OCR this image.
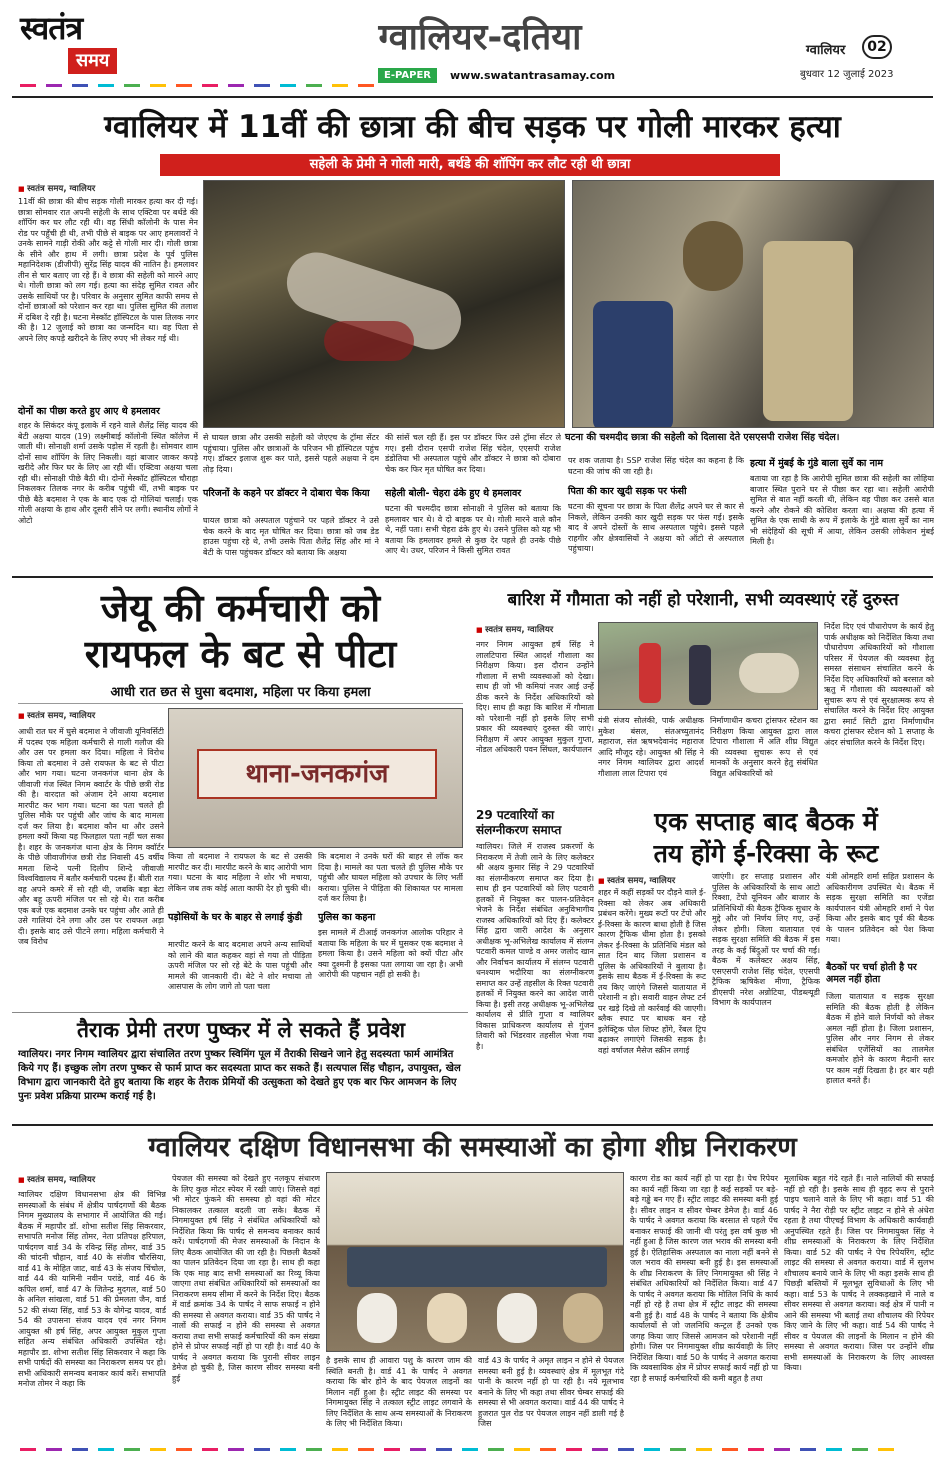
स्वतंत्र
समय
ग्वालियर-दतिया
E-PAPER	www.swatantrasamay.com
ग्वालियर	02
बुधवार 12 जुलाई 2023
ग्वालियर में 11वीं की छात्रा की बीच सड़क पर गोली मारकर हत्या
सहेली के प्रेमी ने गोली मारी, बर्थडे की शॉपिंग कर लौट रही थी छात्रा
■ स्वतंत्र समय, ग्वालियर
11वीं की छात्रा की बीच सड़क गोली मारकर हत्या कर दी गई। छात्रा सोमवार रात अपनी सहेली के साथ एक्टिवा पर बर्थडे की शॉपिंग कर घर लौट रही थी। वह सिंधी कॉलोनी के पास मेन रोड पर पहुँची ही थी, तभी पीछे से बाइक पर आए हमलावरों ने उनके सामने गाड़ी रोकी और कट्टे से गोली मार दी। गोली छात्रा के सीने और हाथ में लगी। छात्रा प्रदेश के पूर्व पुलिस महानिदेशक (डीजीपी) सुरेंद्र सिंह यादव की नातिन है। हमलावर तीन से चार बताए जा रहे हैं। वे छात्रा की सहेली को मारने आए थे। गोली छात्रा को लग गई। हत्या का संदेह सुमित रावत और उसके साथियों पर है। परिवार के अनुसार सुमित काफी समय से दोनों छात्राओं को परेशान कर रहा था। पुलिस सुमित की तलाश में दबिश दे रही है। घटना मेस्कॉट हॉस्पिटल के पास तिलक नगर की है। 12 जुलाई को छात्रा का जन्मदिन था। वह पिता से अपने लिए कपड़े खरीदने के लिए रुपए भी लेकर गई थी।
घटना की चश्मदीद छात्रा की सहेली को दिलासा देते एसएसपी राजेश सिंह चंदेल।
दोनों का पीछा करते हुए आए थे हमलावर
शहर के सिकंदर कंपू इलाके में रहने वाले शैलेंद्र सिंह यादव की बेटी अक्षया यादव (19) लक्ष्मीबाई कॉलोनी स्थित कॉलेज में जाती थी। सोनाक्षी शर्मा उसके पड़ोस में रहती है। सोमवार शाम दोनों साथ शॉपिंग के लिए निकली। वहां बाजार जाकर कपड़े खरीदे और फिर घर के लिए आ रही थीं। एक्टिवा अक्षया चला रही थी। सोनाक्षी पीछे बैठी थी। दोनों मेस्कॉट हॉस्पिटल चौराहा निकलकर तिलक नगर के करीब पहुंची थीं, तभी बाइक पर पीछे बैठे बदमाश ने एक के बाद एक दो गोलियां चलाईं। एक गोली अक्षया के हाथ और दूसरी सीने पर लगी। स्थानीय लोगों ने ओटो
से घायल छात्रा और उसकी सहेली को जेएएच के ट्रॉमा सेंटर पहुंचाया। पुलिस और छात्राओं के परिजन भी हॉस्पिटल पहुंच गए। डॉक्टर इलाज शुरू कर पाते, इससे पहले अक्षया ने दम तोड़ दिया।
परिजनों के कहने पर डॉक्टर ने दोबारा चेक किया
घायल छात्रा को अस्पताल पहुंचाने पर पहले डॉक्टर ने उसे चेक करने के बाद मृत घोषित कर दिया। छात्रा को जब डेड हाउस पहुंचा रहे थे, तभी उसके पिता शैलेंद्र सिंह और मां ने बेटी के पास पहुंचकर डॉक्टर को बताया कि अक्षया
की सांसें चल रही हैं। इस पर डॉक्टर फिर उसे ट्रॉमा सेंटर ले गए। इसी दौरान एसपी राजेश सिंह चंदेल, एएसपी राजेश डंडोतिया भी अस्पताल पहुंचे और डॉक्टर ने छात्रा को दोबारा चेक कर फिर मृत घोषित कर दिया।
सहेली बोली- चेहरा ढंके हुए थे हमलावर
घटना की चश्मदीद छात्रा सोनाक्षी ने पुलिस को बताया कि हमलावर चार थे। वे दो बाइक पर थे। गोली मारने वाले कौन थे, नहीं पता। सभी चेहरा ढंके हुए थे। उसने पुलिस को यह भी बताया कि हमलावर हमले से कुछ देर पहले ही उनके पीछे आए थे। उधर, परिजन ने किसी सुमित रावत
पर शक जताया है। SSP राजेश सिंह चंदेल का कहना है कि घटना की जांच की जा रही है।
पिता की कार खुदी सड़क पर फंसी
घटना की सूचना पर छात्रा के पिता शैलेंद्र अपने घर से कार से निकले, लेकिन उनकी कार खुदी सड़क पर फंस गई। इसके बाद वे अपने दोस्तों के साथ अस्पताल पहुंचे। इससे पहले राहगीर और क्षेत्रवासियों ने अक्षया को ऑटो से अस्पताल पहुंचाया।
हत्या में मुंबई के गुंडे बाला सुर्वे का नाम
बताया जा रहा है कि आरोपी सुमित छात्रा की सहेली का लोहिया बाजार स्थित पुराने घर से पीछा कर रहा था। सहेली आरोपी सुमित से बात नहीं करती थी, लेकिन वह पीछा कर उससे बात करने और रोकने की कोशिश करता था। अक्षया की हत्या में सुमित के एक साथी के रूप में इलाके के गुंडे बाला सुर्वे का नाम भी संदेहियों की सूची में आया, लेकिन उसकी लोकेशन मुंबई मिली है।
जेयू की कर्मचारी को
रायफल के बट से पीटा
आधी रात छत से घुसा बदमाश, महिला पर किया हमला
■ स्वतंत्र समय, ग्वालियर
आधी रात घर में घुसे बदमाश ने जीवाजी यूनिवर्सिटी में पदस्थ एक महिला कर्मचारी से गाली गलौज की और उस पर हमला कर दिया। महिला ने विरोध किया तो बदमाश ने उसे रायफल के बट से पीटा और भाग गया। घटना जनकगंज थाना क्षेत्र के जीवाजी गंज स्थित निगम क्वार्टर के पीछे छत्री रोड की है। वारदात को अंजाम देने आया बदमाश मारपीट कर भाग गया। घटना का पता चलते ही पुलिस मौके पर पहुंची और जांच के बाद मामला दर्ज कर लिया है। बदमाश कौन था और उसने हमला क्यों किया यह फिलहाल पता नहीं चल सका है। शहर के जनकगंज थाना क्षेत्र के निगम क्वॉर्टर के पीछे जीवाजीगंज छत्री रोड निवासी 45 वर्षीय ममता शिन्दे पत्नी दिलीप शिन्दे जीवाजी विश्वविद्यालय में बतौर कर्मचारी पदस्थ हैं। बीती रात वह अपने कमरे में सो रही थी, जबकि बड़ा बेटा और बहू ऊपरी मंजिल पर सो रहे थे। रात करीब एक बजे एक बदमाश उनके घर पहुंचा और आते ही उसे गालियां देने लगा और उस पर रायफल अड़ा दी। इसके बाद उसे पीटने लगा। महिला कर्मचारी ने जब विरोध
थाना-जनकगंज
किया तो बदमाश ने रायफल के बट से उसकी मारपीट कर दी। मारपीट करने के बाद आरोपी भाग गया। घटना के बाद महिला ने शोर भी मचाया, लेकिन जब तक कोई आता काफी देर हो चुकी थी।
पड़ोसियों के घर के बाहर से लगाई कुंडी
मारपीट करने के बाद बदमाश अपने अन्य साथियों को लाने की बात कहकर वहां से गया तो पीड़िता ऊपरी मंजिल पर सो रहे बेटे के पास पहुंची और मामले की जानकारी दी। बेटे ने शोर मचाया तो आसपास के लोग जागे तो पता चला
कि बदमाश ने उनके घरों की बाहर से लॉक कर दिया है। मामले का पता चलते ही पुलिस मौके पर पहुंची और घायल महिला को उपचार के लिए भर्ती कराया। पुलिस ने पीड़िता की शिकायत पर मामला दर्ज कर लिया है।
पुलिस का कहना
इस मामले में टीआई जनकगंज आलोक परिहार ने बताया कि महिला के घर में घुसकर एक बदमाश ने हमला किया है। उसने महिला को क्यों पीटा और क्या दुश्मनी है इसका पता लगाया जा रहा है। अभी आरोपी की पहचान नहीं हो सकी है।
बारिश में गौमाता को नहीं हो परेशानी, सभी व्यवस्थाएं रहें दुरुस्त
■ स्वतंत्र समय, ग्वालियर
नगर निगम आयुक्त हर्ष सिंह ने लालटिपारा स्थित आदर्श गौशाला का निरीक्षण किया। इस दौरान उन्होंने गौशाला में सभी व्यवस्थाओं को देखा। साथ ही जो भी कमियां नजर आई उन्हें ठीक करने के निर्देश अधिकारियों को दिए। साथ ही कहा कि बारिश में गौमाता को परेशानी नहीं हो इसके लिए सभी प्रकार की व्यवस्थाएं दुरुस्त की जाएं। निरीक्षण में अपर आयुक्त मुकुल गुप्ता, नोडल अधिकारी पवन सिंघल, कार्यपालन
यंत्री संजय सोलंकी, पार्क अधीक्षक मुकेश बंसल, संतअच्युतानंद महाराज, संत ऋषभदेवानंद महाराज आदि मौजूद रहे। आयुक्त श्री सिंह ने नगर निगम ग्वालियर द्वारा आदर्श गौशाला लाल टिपारा एवं
निर्माणाधीन कचरा ट्रांसफर स्टेशन का निरीक्षण किया आयुक्त द्वारा लाल टिपारा गौशाला में अति शीघ्र विद्युत की व्यवस्था सुचारू रूप से एवं मानकों के अनुसार करने हेतु संबंधित विद्युत अधिकारियों को
निर्देश दिए एवं पौधारोपण के कार्य हेतु पार्क अधीक्षक को निर्देशित किया तथा पौधारोपण अधिकारियों को गौशाला परिसर में पेयजल की व्यवस्था हेतु समस्त संसाधन संचालित करने के निर्देश दिए अधिकारियों को बरसात को ऋतु में गौशाला की व्यवस्थाओं को सुचारू रूप से एवं सुरक्षात्मक रूप से संचालित करने के निर्देश दिए आयुक्त द्वारा स्मार्ट सिटी द्वारा निर्माणाधीन कचरा ट्रांसफर स्टेशन को 1 सप्ताह के अंदर संचालित करने के निर्देश दिए।
29 पटवारियों का
संलग्नीकरण समाप्त
ग्वालियर। जिले में राजस्व प्रकरणों के निराकरण में तेजी लाने के लिए कलेक्टर श्री अक्षय कुमार सिंह ने 29 पटवारियों का संलग्नीकरण समाप्त कर दिया है। साथ ही इन पटवारियों को लिए पटवारी हलकों में नियुक्त कर पालन-प्रतिवेदन भेजने के निर्देश संबंधित अनुविभागीय राजस्व अधिकारियों को दिए हैं। कलेक्टर सिंह द्वारा जारी आदेश के अनुसार अधीक्षक भू-अभिलेख कार्यालय में संलग्न पटवारी कमल पाण्डे व अमर जलोद खान और निर्वाचन कार्यालय में संलग्न पटवारी धनश्याम भदौरिया का संलग्नीकरण समाप्त कर उन्हें तहसील के रिक्त पटवारी हलकों में नियुक्त करने का आदेश जारी किया है। इसी तरह अधीक्षक भू-अभिलेख कार्यालय से प्रीति गुप्ता व ग्वालियर विकास प्राधिकरण कार्यालय से गुंजन तिवारी को भिंडरवार तहसील भेजा गया है।
एक सप्ताह बाद बैठक में
तय होंगे ई-रिक्सा के रूट
■ स्वतंत्र समय, ग्वालियर
शहर में कहीं सड़कों पर दौड़ने वाले ई-रिक्सा को लेकर अब अधिकारी प्रबंधन करेंगे। मुख्य रूटों पर टेंपो और ई-रिक्सा के कारण बाधा होती है जिस कारण ट्रैफिक धीमा होता है। इसको लेकर ई-रिक्सा के प्रतिनिधि मंडल को सात दिन बाद जिला प्रशासन व पुलिस के अधिकारियों ने बुलाया है। इसके साथ बैठक में ई-रिक्सा के रूट तय किए जाएंगे जिससे यातायात में परेशानी न हो। सवारी वाहन लेफ्ट टर्न पर खड़े दिखे तो कार्रवाई की जाएगी। ब्लैक स्पाट पर बाधक बन रहे इलेक्ट्रिक पोल शिफ्ट होंगे, रेंबल ट्रिप बढ़ाकर लगाएंगे जिसकी सड़क है। वहां वर्षाजल मैसेज स्क्रीन लगाई
जाएंगी। हर सप्ताह प्रशासन और पुलिस के अधिकारियों के साथ आटो रिक्शा, टेंपो यूनियन और बाजार के प्रतिनिधियों की बैठक ट्रैफिक सुधार के मुद्दे और जो निर्णय लिए गए, उन्हें लेकर होगी। जिला यातायात एवं सड़क सुरक्षा समिति की बैठक में इस तरह के कई बिंदुओं पर चर्चा की गई। बैठक में कलेक्टर अक्षय सिंह, एसएसपी राजेश सिंह चंदेल, एएसपी ट्रैफिक ऋषिकेश मीणा, ट्रैफिक डीएसपी नरेश अन्नोटिया, पीडब्ल्यूडी विभाग के कार्यपालन
यंत्री ओमहरि शर्मा सहित प्रशासन के अधिकारीगण उपस्थित थे। बैठक में सड़क सुरक्षा समिति का एजेंडा कार्यपालन यंत्री ओमहरि शर्मा ने पेश किया और इसके बाद पूर्व की बैठक के पालन प्रतिवेदन को पेश किया गया।
बैठकों पर चर्चा होती है पर अमल नहीं होता
जिला यातायात व सड़क सुरक्षा समिति की बैठक होती है लेकिन बैठक में होने वाले निर्णयों को लेकर अमल नहीं होता है। जिला प्रशासन, पुलिस और नगर निगम से लेकर संबंधित एजेंसियों का तालमेल कमजोर होने के कारण मैदानी स्तर पर काम नहीं दिखता है। हर बार यही हालात बनते हैं।
तैराक प्रेमी तरण पुष्कर में ले सकते हैं प्रवेश
ग्वालियर। नगर निगम ग्वालियर द्वारा संचालित तरण पुष्कर स्विमिंग पूल में तैराकी सिखने जाने हेतु सदस्यता फार्म आमंत्रित किये गए हैं। इच्छुक लोग तरण पुष्कर से फार्म प्राप्त कर सदस्यता प्राप्त कर सकते हैं। सत्यपाल सिंह चौहान, उपायुक्त, खेल विभाग द्वारा जानकारी देते हुए बताया कि शहर के तैराक प्रेमियों की उत्सुकता को देखते हुए एक बार फिर आमजन के लिए पुनः प्रवेश प्रक्रिया प्रारम्भ कराई गई है।
ग्वालियर दक्षिण विधानसभा की समस्याओं का होगा शीघ्र निराकरण
■ स्वतंत्र समय, ग्वालियर
ग्वालियर दक्षिण विधानसभा क्षेत्र की विभिन्न समस्याओं के संबंध में क्षेत्रीय पार्षदगणों की बैठक निगम मुख्यालय के सभागार में आयोजित की गई। बैठक में महापौर डॉ. शोभा सतीश सिंह सिकरवार, सभापति मनोज सिंह तोमर, नेता प्रतिपक्ष हरिपाल, पार्षदगण वार्ड 34 के रविन्द्र सिंह तोमर, वार्ड 35 की चांदनी चौहान, वार्ड 40 के संजीव चौरसिया, वार्ड 41 के मोहित जाट, वार्ड 43 के संजय चिंचोल, वार्ड 44 की यामिनी नवीन परांडे, वार्ड 46 के कपिल शर्मा, वार्ड 47 के जितेन्द्र मुदगल, वार्ड 50 के अनिल सांखला, वार्ड 51 की प्रेमलता जैन, वार्ड 52 की संध्या सिंह, वार्ड 53 के योगेन्द्र यादव, वार्ड 54 की उपासना संजय यादव एवं नगर निगम आयुक्त श्री हर्ष सिंह, अपर आयुक्त मुकुल गुप्ता सहित अन्य संबंधित अधिकारी उपस्थित रहे। महापौर डा. शोभा सतीश सिंह सिकरवार ने कहा कि सभी पार्षदों की समस्या का निराकरण समय पर हो। सभी अधिकारी समन्वय बनाकर कार्य करें। सभापति मनोज तोमर ने कहा कि
पेयजल की समस्या को देखते हुए नलकूप संधारण के लिए कुछ मोटर स्पेयर में रखी जाएं। जिससे वहां भी मोटर फुंकने की समस्या हो वहां की मोटर निकालकर तत्काल बदली जा सके। बैठक में निगमायुक्त हर्ष सिंह ने संबंधित अधिकारियों को निर्देशित किया कि पार्षद से समन्वय बनाकर कार्य करें। पार्षदगणों की मेजर समस्याओं के निदान के लिए बैठक आयोजित की जा रही है। पिछली बैठकों का पालन प्रतिवेदन दिया जा रहा है। साथ ही कहा कि एक माह बाद सभी समस्याओं का रिव्यू किया जाएगा तथा संबंधित अधिकारियों को समस्याओं का निराकरण समय सीमा में करने के निर्देश दिए। बैठक में वार्ड क्रमांक 34 के पार्षद ने साफ सफाई न होने की समस्या से अवगत कराया। वार्ड 35 की पार्षद ने नालों की सफाई न होने की समस्या से अवगत कराया तथा सभी सफाई कर्मचारियों की कम संख्या होने से प्रोपर सफाई नहीं हो पा रही है। वार्ड 40 के पार्षद ने अवगत कराया कि पुरानी सीवर लाइन डेमेज हो चुकी है, जिस कारण सीवर समस्या बनी हुई
है इसके साथ ही आवारा पशु के कारण जाम की स्थिति बनती है। वार्ड 41 के पार्षद ने अवगत कराया कि बोर होने के बाद पेयजल लाइनों का मिलान नहीं हुआ है। स्ट्रीट लाइट की समस्या पर निगमायुक्त सिंह ने तत्काल स्ट्रीट लाइट लगवाने के लिए निर्देशित के साथ अन्य समस्याओं के निराकरण के लिए भी निर्देशित किया।
वार्ड 43 के पार्षद ने अमृत लाइन न होने से पेयजल समस्या बनी हुई है। व्यवस्थाएं क्षेत्र में मूलभूत गंदे पानी के कारण नहीं हो पा रही है। नये मूलभाव बनाने के लिए भी कहा तथा सीवर चेम्बर सफाई की समस्या से भी अवगत कराया। वार्ड 44 की पार्षद ने हुजरात पुल रोड पर पेयजल लाइन नहीं डाली गई है जिस
कारण रोड का कार्य नहीं हो पा रहा है। पेच रिपेयर का कार्य नहीं किया जा रहा है कई सड़कों पर बड़े-बड़े गड्ढे बन गए हैं। स्ट्रीट लाइट की समस्या बनी हुई है। सीवर लाइन व सीवर चेम्बर डेमेज है। वार्ड 46 के पार्षद ने अवगत कराया कि बरसात से पहले पेंच बनाकर सफाई की जानी थी परंतु इस वर्ष कुछ भी नहीं हुआ है जिस कारण जल भराव की समस्या बनी हुई है। ऐतिहासिक अस्पताल का नाला नहीं बनने से जल भराव की समस्या बनी हुई है। इस समस्याओं के शीघ्र निराकरण के लिए निगमायुक्त श्री सिंह ने संबंधित अधिकारियों को निर्देशित किया। वार्ड 47 के पार्षद ने अवगत कराया कि मोतिल निधि के कार्य नहीं हो रहे है तथा क्षेत्र में स्ट्रीट लाइट की समस्या बनी हुई है। वार्ड 48 के पार्षद ने बताया कि क्षेत्रीय कार्यालयों से जो जलनिधि कन्ट्रल हैं उनको एक जगह किया जाए जिससे आमजन को परेशानी नहीं होगी। जिस पर निगमायुक्त शीघ्र कार्यवाही के लिए निर्देशित किया। वार्ड 50 के पार्षद ने अवगत कराया कि व्यवसायिक क्षेत्र में प्रोपर सफाई कार्य नहीं हो पा रहा है सफाई कर्मचारियों की कमी बहुत है तथा
मूलाधिक बहुत गंदे रहते हैं। नाले नालियों की सफाई नहीं हो रही है। इसके साथ ही वृहद रूप से पुराने पाइप चलाने वाले के लिए भी कहा। वार्ड 51 की पार्षद ने नैरा रोड़ी पर स्ट्रीट लाइट न होने से अंधेरा रहता है तथा पीएचई विभाग के अधिकारी कार्यवाही अनुपस्थित रहते हैं। जिस पर निगमायुक्त सिंह ने शीघ्र समस्याओं के निराकरण के लिए निर्देशित किया। वार्ड 52 की पार्षद ने पेच रिपेयरिंग, स्ट्रीट लाइट की समस्या से अवगत कराया। वार्ड में सुलभ शौचालय बनाये जाने के लिए भी कहा इसके साथ ही पिछड़ी बस्तियों में मूलभूत सुविधाओं के लिए भी कहा। वार्ड 53 के पार्षद ने लक्कड़खाने में नाले व सीवर समस्या से अवगत कराया। कई क्षेत्र में पानी न आने की समस्या भी बताई तथा शौचालय की रिपेयर किए जाने के लिए भी कहा। वार्ड 54 की पार्षद ने सीवर व पेयजल की लाइनों के मिलान न होने की समस्या से अवगत कराया। जिस पर उन्होंने शीघ्र सभी समस्याओं के निराकरण के लिए आश्वस्त किया।
